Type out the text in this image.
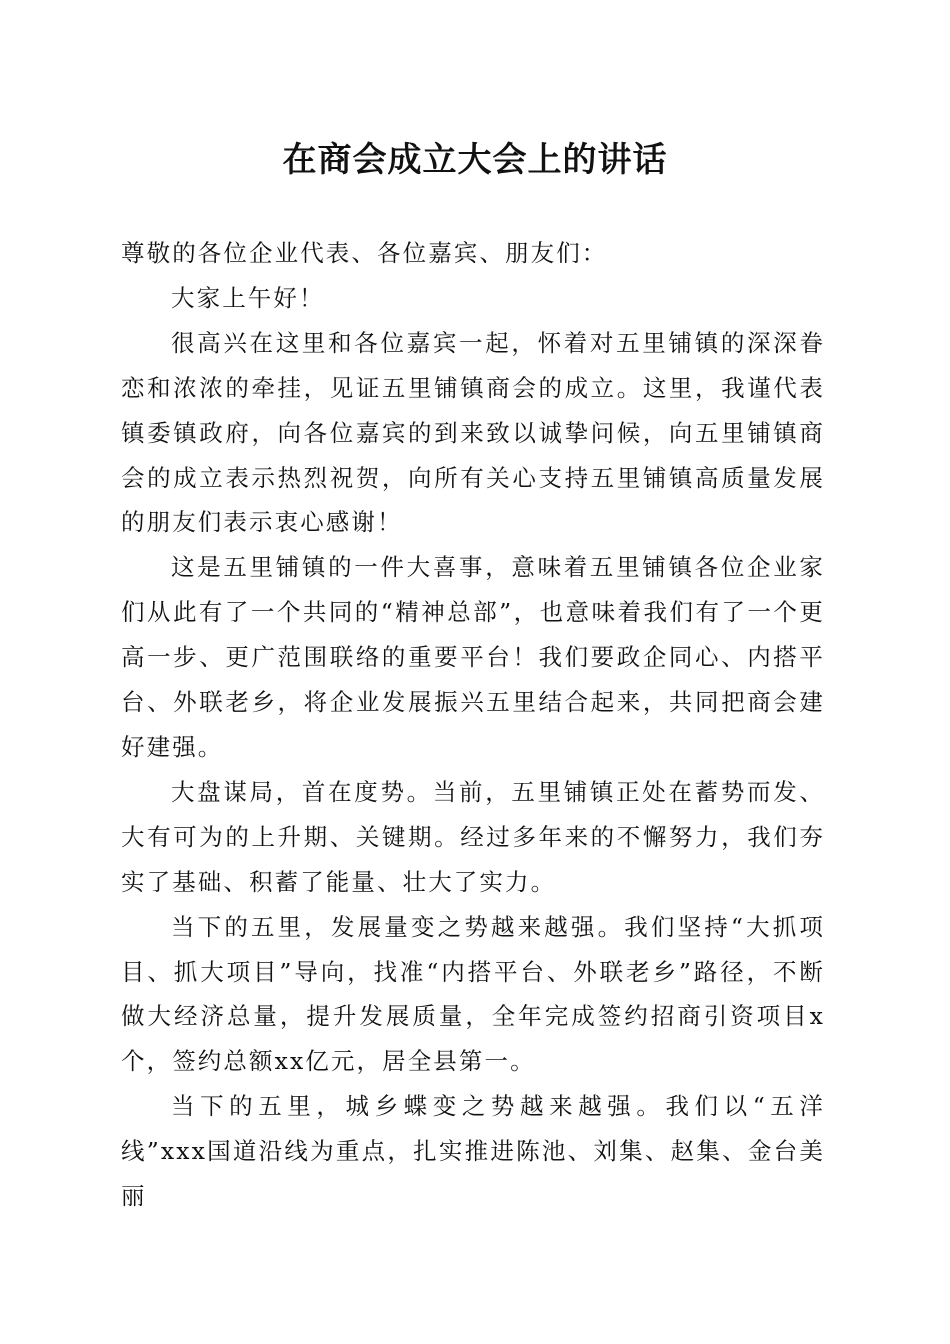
在商会成立大会上的讲话

尊敬的各位企业代表、各位嘉宾、朋友们：

大家上午好！

很高兴在这里和各位嘉宾一起，怀着对五里铺镇的深深眷恋和浓浓的牵挂，见证五里铺镇商会的成立。这里，我谨代表镇委镇政府，向各位嘉宾的到来致以诚挚问候，向五里铺镇商会的成立表示热烈祝贺，向所有关心支持五里铺镇高质量发展的朋友们表示衷心感谢！

这是五里铺镇的一件大喜事，意味着五里铺镇各位企业家们从此有了一个共同的“精神总部”，也意味着我们有了一个更高一步、更广范围联络的重要平台！我们要政企同心、内搭平台、外联老乡，将企业发展振兴五里结合起来，共同把商会建好建强。

大盘谋局，首在度势。当前，五里铺镇正处在蓄势而发、大有可为的上升期、关键期。经过多年来的不懈努力，我们夯实了基础、积蓄了能量、壮大了实力。

当下的五里，发展量变之势越来越强。我们坚持“大抓项目、抓大项目”导向，找准“内搭平台、外联老乡”路径，不断做大经济总量，提升发展质量，全年完成签约招商引资项目x个，签约总额xx亿元，居全县第一。

当下的五里，城乡蝶变之势越来越强。我们以“五洋线”xxx国道沿线为重点，扎实推进陈池、刘集、赵集、金台美丽
